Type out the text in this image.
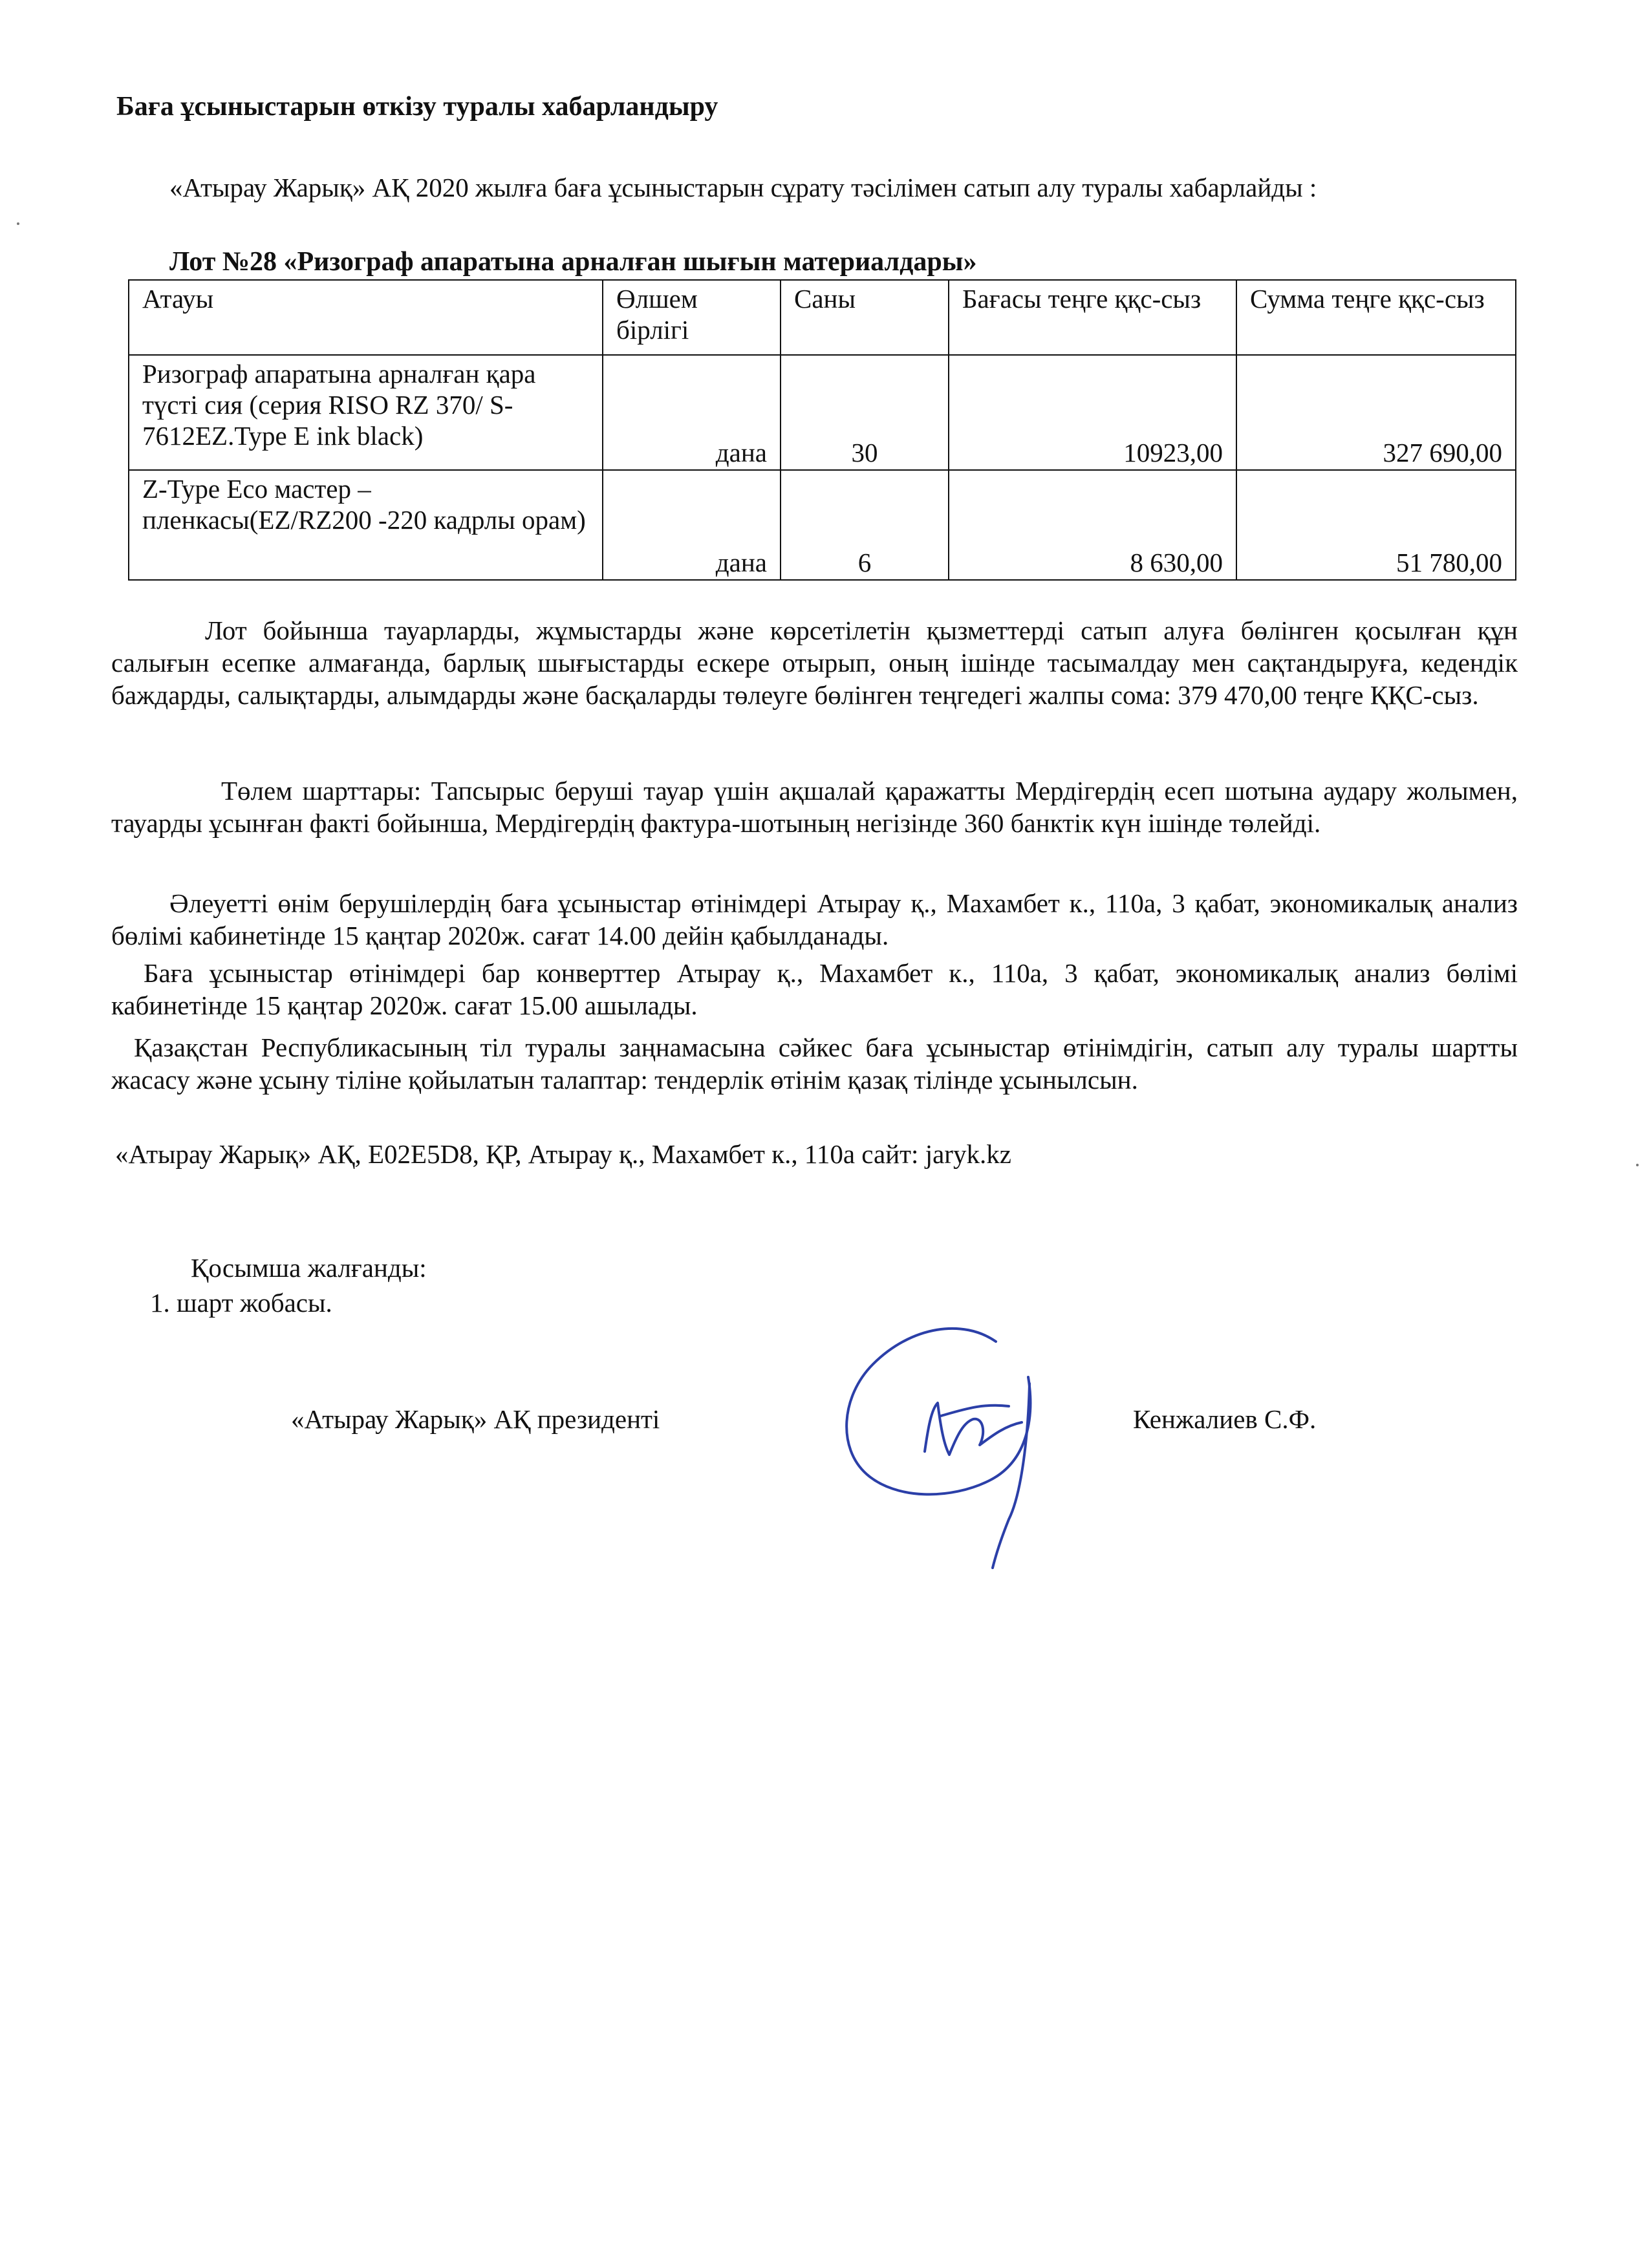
Баға ұсыныстарын өткізу туралы хабарландыру
«Атырау Жарық» АҚ 2020 жылға баға ұсыныстарын сұрату тәсілімен сатып алу туралы хабарлайды :
Лот №28 «Ризограф апаратына арналған шығын материалдары»
Атауы	Өлшем бірлігі	Саны	Бағасы теңге ққс-сыз	Сумма теңге ққс-сыз
Ризограф апаратына арналған қара түсті сия (серия RISO RZ 370/ S-7612EZ.Type E ink black)	дана	30	10923,00	327 690,00
Z-Type Eco мастер – пленкасы(EZ/RZ200 -220 кадрлы орам)	дана	6	8 630,00	51 780,00
Лот бойынша тауарларды, жұмыстарды және көрсетілетін қызметтерді сатып алуға бөлінген қосылған құн салығын есепке алмағанда, барлық шығыстарды ескере отырып, оның ішінде тасымалдау мен сақтандыруға, кедендік баждарды, салықтарды, алымдарды және басқаларды төлеуге бөлінген теңгедегі жалпы сома: 379 470,00 теңге ҚҚС-сыз.
Төлем шарттары: Тапсырыс беруші тауар үшін ақшалай қаражатты Мердігердің есеп шотына аудару жолымен, тауарды ұсынған факті бойынша, Мердігердің фактура-шотының негізінде 360 банктік күн ішінде төлейді.
Әлеуетті өнім берушілердің баға ұсыныстар өтінімдері Атырау қ., Махамбет к., 110а, 3 қабат, экономикалық анализ бөлімі кабинетінде 15 қаңтар 2020ж. сағат 14.00 дейін қабылданады.
Баға ұсыныстар өтінімдері бар конверттер Атырау қ., Махамбет к., 110а, 3 қабат, экономикалық анализ бөлімі кабинетінде 15 қаңтар 2020ж. сағат 15.00 ашылады.
Қазақстан Республикасының тіл туралы заңнамасына сәйкес баға ұсыныстар өтінімдігін, сатып алу туралы шартты жасасу және ұсыну тіліне қойылатын талаптар: тендерлік өтінім қазақ тілінде ұсынылсын.
«Атырау Жарық» АҚ, E02E5D8, ҚР, Атырау қ., Махамбет к., 110а сайт: jaryk.kz
Қосымша жалғанды:
1. шарт жобасы.
«Атырау Жарық» АҚ президенті	Кенжалиев С.Ф.
